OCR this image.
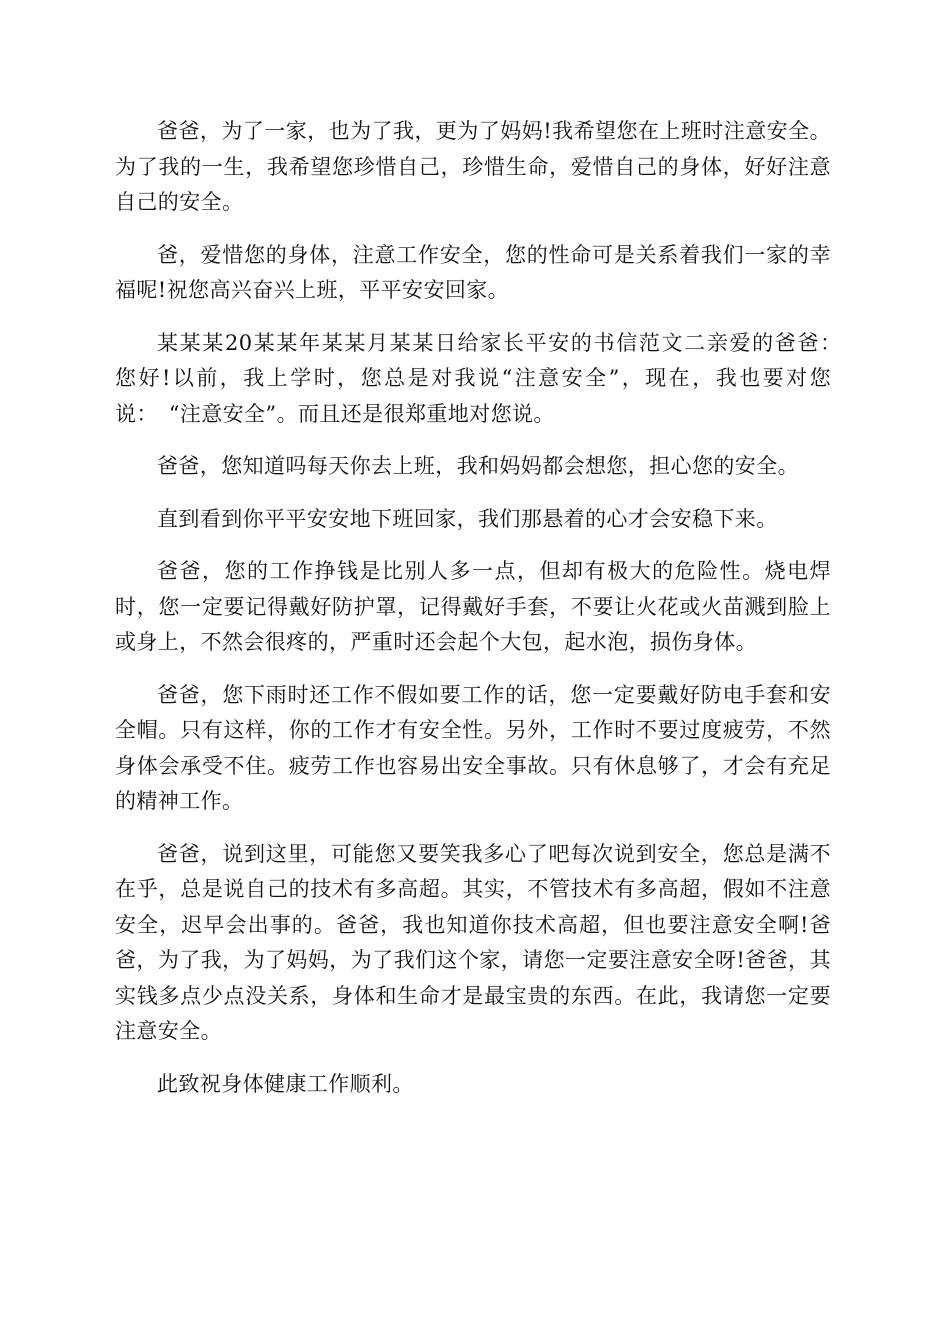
爸爸，为了一家，也为了我，更为了妈妈!我希望您在上班时注意安全。为了我的一生，我希望您珍惜自己，珍惜生命，爱惜自己的身体，好好注意自己的安全。

爸，爱惜您的身体，注意工作安全，您的性命可是关系着我们一家的幸福呢!祝您高兴奋兴上班，平平安安回家。

某某某20某某年某某月某某日给家长平安的书信范文二亲爱的爸爸：　您好!以前，我上学时，您总是对我说“注意安全”，现在，我也要对您说：　“注意安全”。而且还是很郑重地对您说。

爸爸，您知道吗每天你去上班，我和妈妈都会想您，担心您的安全。

直到看到你平平安安地下班回家，我们那悬着的心才会安稳下来。

爸爸，您的工作挣钱是比别人多一点，但却有极大的危险性。烧电焊时，您一定要记得戴好防护罩，记得戴好手套，不要让火花或火苗溅到脸上或身上，不然会很疼的，严重时还会起个大包，起水泡，损伤身体。

爸爸，您下雨时还工作不假如要工作的话，您一定要戴好防电手套和安全帽。只有这样，你的工作才有安全性。另外，工作时不要过度疲劳，不然身体会承受不住。疲劳工作也容易出安全事故。只有休息够了，才会有充足的精神工作。

爸爸，说到这里，可能您又要笑我多心了吧每次说到安全，您总是满不在乎，总是说自己的技术有多高超。其实，不管技术有多高超，假如不注意安全，迟早会出事的。爸爸，我也知道你技术高超，但也要注意安全啊!爸爸，为了我，为了妈妈，为了我们这个家，请您一定要注意安全呀!爸爸，其实钱多点少点没关系，身体和生命才是最宝贵的东西。在此，我请您一定要注意安全。

此致祝身体健康工作顺利。
